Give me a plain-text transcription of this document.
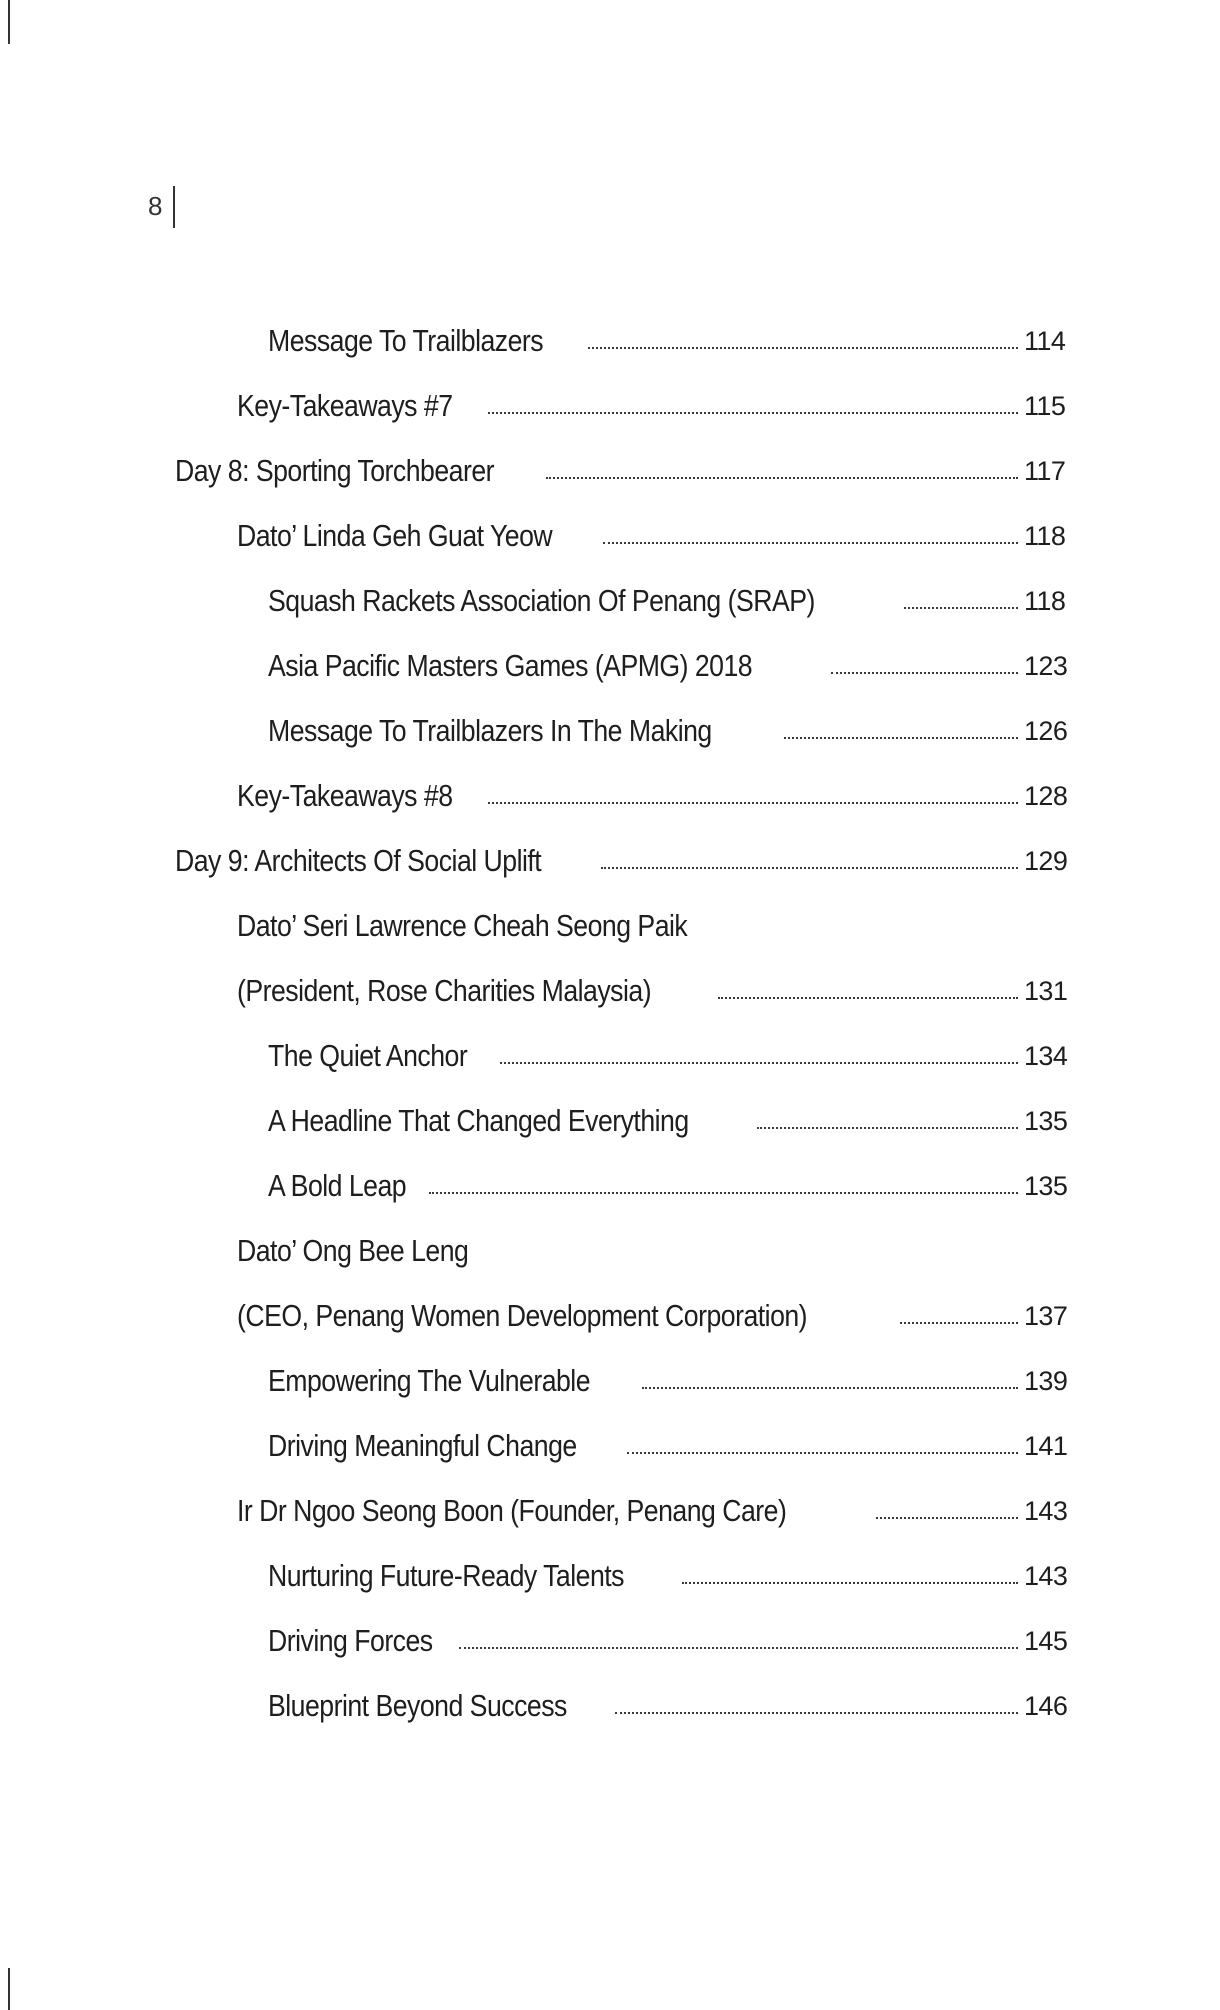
8
Message To Trailblazers	114
Key-Takeaways #7	115
Day 8: Sporting Torchbearer	117
Dato’ Linda Geh Guat Yeow	118
Squash Rackets Association Of Penang (SRAP)	118
Asia Pacific Masters Games (APMG) 2018	123
Message To Trailblazers In The Making	126
Key-Takeaways #8	128
Day 9: Architects Of Social Uplift	129
Dato’ Seri Lawrence Cheah Seong Paik
(President, Rose Charities Malaysia)	131
The Quiet Anchor	134
A Headline That Changed Everything	135
A Bold Leap	135
Dato’ Ong Bee Leng
(CEO, Penang Women Development Corporation)	137
Empowering The Vulnerable	139
Driving Meaningful Change	141
Ir Dr Ngoo Seong Boon (Founder, Penang Care)	143
Nurturing Future-Ready Talents	143
Driving Forces	145
Blueprint Beyond Success	146
